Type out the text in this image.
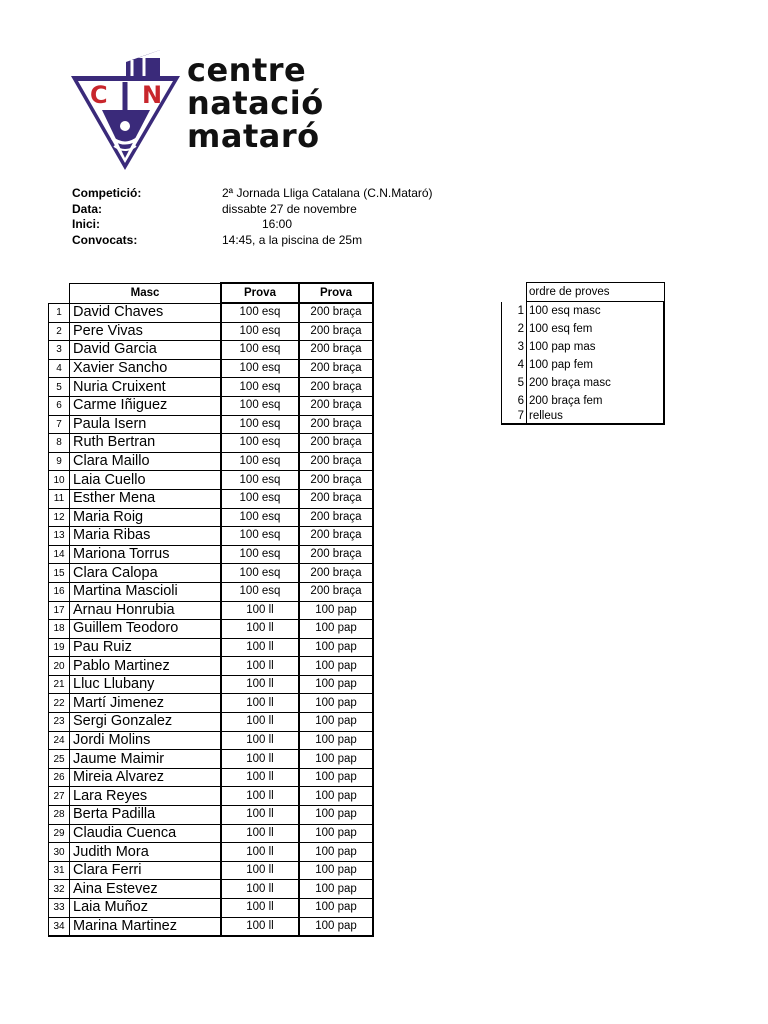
C N
centre
natació
mataró
Competició:	2ª Jornada Lliga Catalana (C.N.Mataró)
Data:	dissabte 27 de novembre
Inici:	16:00
Convocats:	14:45, a la piscina de 25m
	Masc	Prova	Prova
1	David Chaves	100 esq	200 braça
2	Pere Vivas	100 esq	200 braça
3	David Garcia	100 esq	200 braça
4	Xavier Sancho	100 esq	200 braça
5	Nuria Cruixent	100 esq	200 braça
6	Carme Iñiguez	100 esq	200 braça
7	Paula Isern	100 esq	200 braça
8	Ruth Bertran	100 esq	200 braça
9	Clara Maillo	100 esq	200 braça
10	Laia Cuello	100 esq	200 braça
11	Esther Mena	100 esq	200 braça
12	Maria Roig	100 esq	200 braça
13	Maria Ribas	100 esq	200 braça
14	Mariona Torrus	100 esq	200 braça
15	Clara Calopa	100 esq	200 braça
16	Martina Mascioli	100 esq	200 braça
17	Arnau Honrubia	100 ll	100 pap
18	Guillem Teodoro	100 ll	100 pap
19	Pau Ruiz	100 ll	100 pap
20	Pablo Martinez	100 ll	100 pap
21	Lluc Llubany	100 ll	100 pap
22	Martí Jimenez	100 ll	100 pap
23	Sergi Gonzalez	100 ll	100 pap
24	Jordi Molins	100 ll	100 pap
25	Jaume Maimir	100 ll	100 pap
26	Mireia Alvarez	100 ll	100 pap
27	Lara Reyes	100 ll	100 pap
28	Berta Padilla	100 ll	100 pap
29	Claudia Cuenca	100 ll	100 pap
30	Judith Mora	100 ll	100 pap
31	Clara Ferri	100 ll	100 pap
32	Aina Estevez	100 ll	100 pap
33	Laia Muñoz	100 ll	100 pap
34	Marina Martinez	100 ll	100 pap
	ordre de proves
1	100 esq masc
2	100 esq fem
3	100 pap mas
4	100 pap fem
5	200 braça masc
6	200 braça fem
7	relleus
